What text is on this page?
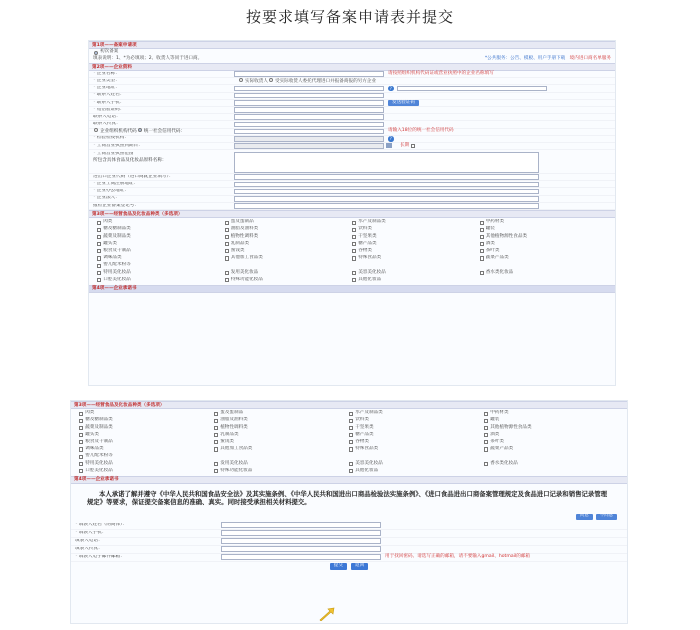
按要求填写备案申请表并提交
第1项——备案申请项
初次备案
填表说明：1、*为必填项；2、收货人等同于进口商。	*公共服务：公告、模板、用户手册下载 境内进口商名单服务
第2项——企业资料
* 企业名称：	请按照组织机构代码证或营业执照中的企业名称填写
* 企业类型：	实际收货人 受实际收货人委托代理进口并报备商报的另方企业
* 企业地址：	?
* 联系人姓名：
* 联系人手机：	发送验证码
* 短信验证码：
联系人电话：
联系人传真：
企业组织机构代码 统一社会信用代码：	请输入18位的统一社会信用代码
* 检验检疫机构：	?
* 工商营业执照到期日：	长期
* 工商营业执照范围
所包含具体食品及化妆品原料名称：
进出口企业代码（进口商就企业填写）：
* 企业工商注册地址：
* 企业办公地址：
* 企业法人：
报检企业备案登记号：
第3项——经营食品及化妆品种类（多选项）
肉类	蛋及蛋制品	水产及制品类	中药材类
糖及糖制品类	油脂及油料类	饮料类	罐装
蔬菜及制品类	植物性调料类	干坚果类	其他植物源性食品类
罐头类	乳制品类	糖产品类	酒类
粮食及干制品	蜜饯类	谷物类	茶叶类
调味品类	其他加工食品类	特殊食品类	蔬菜产品类
婴儿配米粉等
特用美化妆品	发用美化妆品	美容美化妆品	香水类化妆品
口腔美化妆品	特殊功能化妆品	其他化妆品
第4项——企业承诺书
第3项——经营食品及化妆品种类（多选项）
肉类	蛋及蛋制品	水产及制品类	中药材类
糖及糖制品类	油脂及油料类	饮料类	罐装
蔬菜及制品类	植物性调料类	干坚果类	其他植物源性食品类
罐头类	乳制品类	糖产品类	酒类
粮食及干制品	蜜饯类	谷物类	茶叶类
调味品类	其他加工食品类	特殊食品类	蔬菜产品类
婴儿配米粉等
特用美化妆品	发用美化妆品	美容美化妆品	香水类化妆品
口腔美化妆品	特殊功能化妆品	其他化妆品
第4项——企业承诺书
本人承诺了解并遵守《中华人民共和国食品安全法》及其实施条例、《中华人民共和国进出口商品检验法实施条例》、《进口食品进出口商备案管理规定及食品进口记录和销售记录管理规定》等要求，保证提交备案信息的准确、真实。同时接受承担相关材料提交。
同意	不同意
* 填表人姓名（的商体）：
* 填表人手机：
填表人电话：
填表人传真：
* 填表人电子邮件邮箱：	用于找回密码、请选写正确的邮箱，请不要输入gmail、hotmail的邮箱
提交	返回
